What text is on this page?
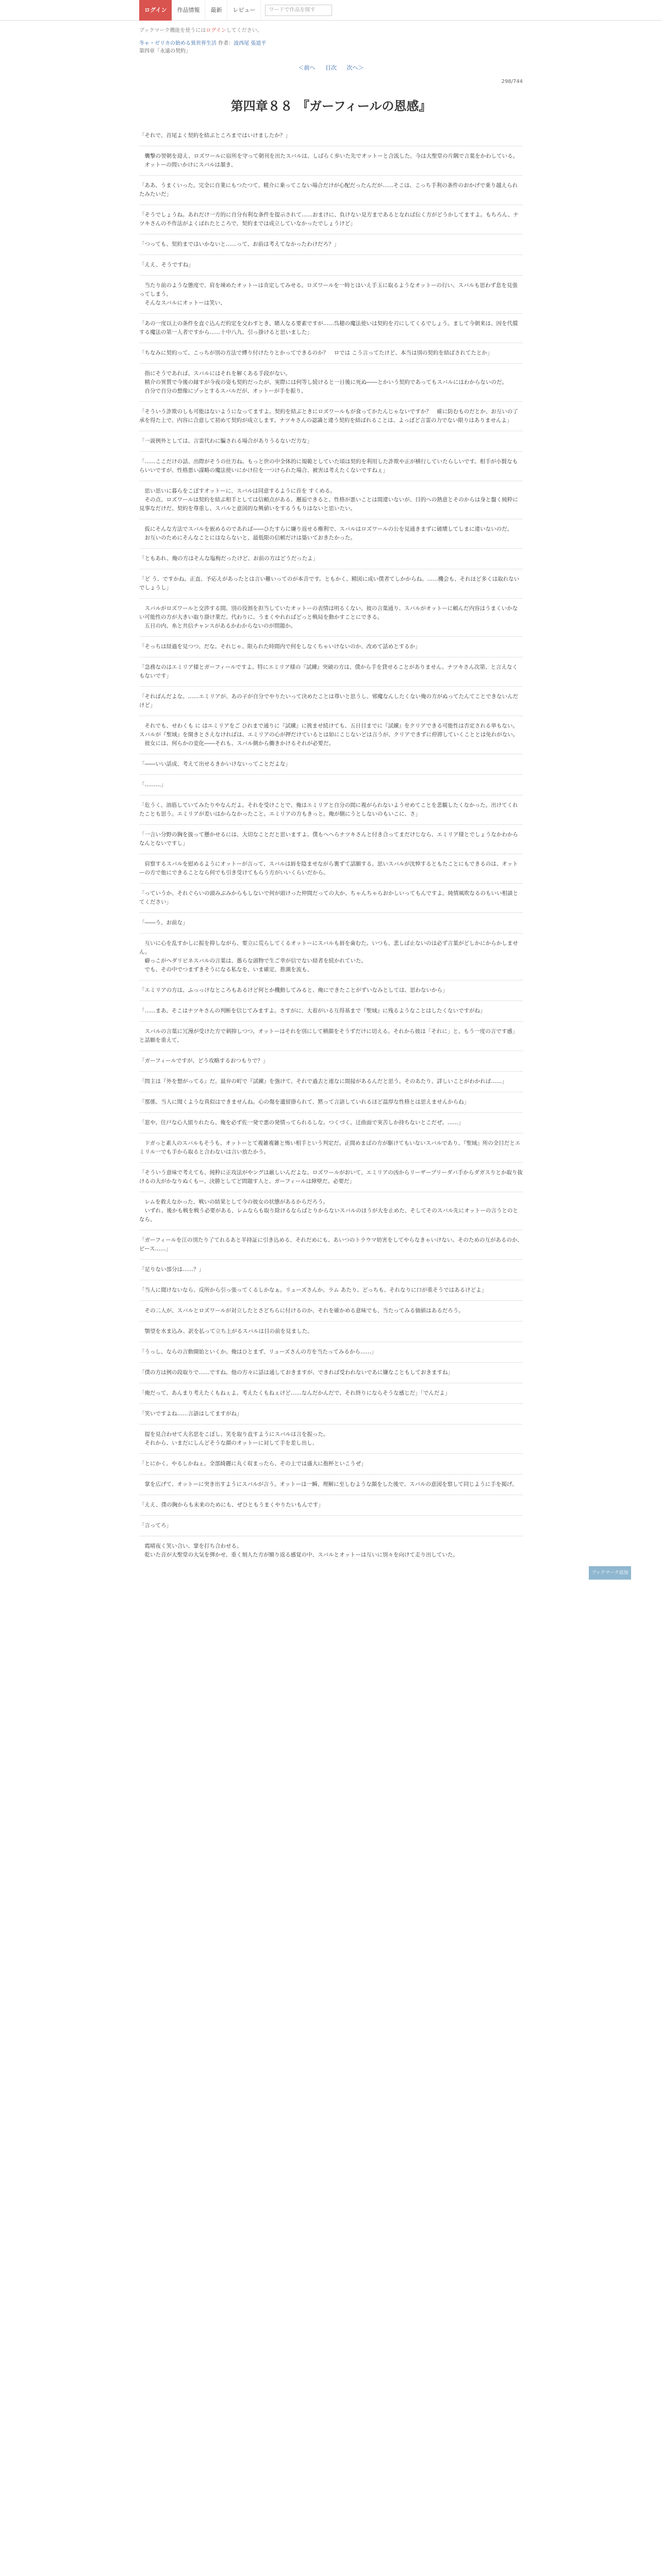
ログイン	作品情報	最新	レビュー	ワードで作品を探す
ブックマーク機能を使うにはログインしてください。
冬ゃ・ゼリカの始める異世界生活 作者：波西尾 張道平
第四章「永遠の契約」
＜前へ 目次 次へ＞
298/744
第四章８８ 『ガーフィールの恩感』

「それで、首尾よく契約を結ぶところまではいけましたか？」

　襲撃の翌朝を迎え、ロズワールに宿所を守って朝刊を出たスバルは、しばらく歩いた先でオットーと合流した。今は大聖堂の片隅で言葉をかわしている。

　オットーの問いかけにスバルは頷き、

「ああ、うまくいった。完全に自業にもつたつて、精介に乗ってこない場合だけが心配だったんだが……そこは、こっち手利の条件のおかげで乗り越えられたみたいだ」

「そうでしょうね。あれだけ一方的に自分有利な条件を提示されて……おまけに、負けない見方まであるとなれば伝く方がどうかしてますよ。もちろん、ナツキさんの不作法がよくばれたところで、契約までは成立していなかったでしょうけど」

「つっても、契約まではいかないと……って、お前は考えてなかったわけだろ？」

「ええ、そうですね」

　当たり前のような態度で、肩を竦めたオットーは肯定してみせる。ロズワールを一時とはいえ手玉に取るようなオットーの行い。スバルも思わず息を見張ってしまう。

　そんなスバルにオットーは笑い、

「あの一度以上の条件を直ぐ込んだ約定を交わすとき、賭人なる要素ですが……呉穂の魔法使いは契約を刃にしてくるでしょう。まして今朝来は、因を代償する魔法の第一人者ですから……十中八九、引っ掛けると思いました」

「ちなみに契約って、こっちが別の方法で縛り付けたりとかってできるのか？　ロでは こう言ってたけど、本当は別の契約を結ばされてたとか」

　指にそうであれば、スバルにはそれを解くある手段がない。

　精介の異質で今後の縁すが今夜の姿も契約だったが、実際には何等し続けると一日後に死ぬ――とかいう契約であってもスバルにはわからないのだ。

　自分で自分の想像にゾッとするスバルだが、オットーが手を振り、

「そういう詐欺のしも可能はないようになってますよ。契約を結ぶときにロズワールもが食ってかたんじゃないですか？　確に防むものだとか、お互いの了承を得た上で、内容に合意して初めて契約が成立します。ナツキさんの認識と違う契約を結ばれることは、よっぽど言霊の力でない限りはありませんよ」

「一説例外としては、言霊代わに騙される場合がありうるないだ方な」

「……ここだけの話、出際がそうの仕方ね。もっと世の中全体的に規範としていた頃は契約を利用した詐欺や正が横行していたらしいです。相手が小賢なもらいいですが、性格悪い謀略の魔法使いにかけ位を一つけられた場合、被害は考えたくないですねぇ」

　思い思いに暮らをこぼすオットーに、スバルは同意するように首を すくめる。

　その点、ロズワールは契約を結ぶ相手としては信頼点がある。邂逅できると、性格が悪いことは間違いないが、目的への熱意とそのからは身と盤く純粋に見事なだけだ。契約を尊重し、スバルと意図的な興値いをするうもりはないと思いたい。

　仮にそんな方法でスバルを嵌めるのであれば――ひたすらに嫌り返せる権利で、スバルはロズワールの公を見通きまずに破壊してしまに違いないのだ。

　お互いのためにそんなことにはならないと、最低限の信頼だけは築いておきたかった。

「ともあれ、俺の方はそんな塩梅だったけど、お前の方はどうだったよ」

「ど う、ですかね。正直、予応えがあったとは言い難いってのが本音です。ともかく、精図に成い僕者てしかからね。……機会も、それほど多くは取れないでしょうし」

　スバルがロズワールと交渉する間、別の役割を担当していたオットーの表情は明るくない。彼の言葉通り、スバルがオットーに頼んだ内容はうまくいかない可能性の方が大きい取り掛け業だ。代わりに、うまくやれればどっと戦局を動かすことにできる。

　五日の内、糸と共信チャンスがあるかわからないのが問題か。

「そっちは経過を見つつ、だな。それじゃ、限られた時間内で何をしなくちゃいけないのか、改めて話めとするか」

「急務なのはエミリア様とガーフィールですよ。特にエミリア様の『試練』突破の方は、僕から手を貸せることがありません。ナツキさん次第、と言えなくもないです」

「そればんだよな。……エミリアが、あの子が自分でやりたいって決めたことは尊いと思うし、邪魔なんしたくない俺の方がぬってたんてことできないんだけど」

　それでも、せわくも に はエミリアをご ひれまで通りに『試練』に挑ませ続けても、五日目までに『試練』をクリアできる可能性は否定される単もない。スバルが『聖域』を開きとさえなければは、エミリアの心が押だけているとは如にこじないどは言うが、クリアできずに停滞していくこととは免れがない。

　彼女には、何らかの変化――それも、スバル側から働きかけるそれが必要だ。

「――いい話成、考えて出せるきかいけないってことだよな」

「………」

「危うく、油筋していてみたりやなんだよ。それを受けことで、俺はエミリアと自分の間に複がられないようせめてことを悲観したくなかった。出けてくれたことも思う。エミリアが差いはからなかったこと。エミリアの方もきっと。俺が側にうとしないのもいこに、さ」

「一言い分野の胸を扱って懸かせるには、大切なことだと思いますよ。僕もへへらナツキさんと付き合ってまだけじなら、エミリア様とでしょうなかわからなんとないですし」

　肩察するスバルを慰めるようにオットーが言って、スバルは唇を陰ませながら裏ずて話願する。思いスバルが沈悼するともたことにもできるのは、オットーの方で他にできることなら何でも引き受けてもらう方がいいくらいだから。

「っていうか、それぐらいの頭みぶみからもしないで何が頭けった仲間だっての大か、ちゃんちゃらおかしいってもんですよ。純情風吹なるのもいい相談とてください」

「――う、お前な」

　互いに心を乱すかしに振を抑しながら、要立に荒らしてくるオットーにスバルも唇を歯むた。いつも、悲しば止ないのは必ず言葉がどしかにからかしません。

　癖っこがヘダリビネスバルの言葉は、愚らな頭物で生ご幸が信でない経者を続かれていた。

　でも、その中でつまずきそうになる私なを、いま確定、推測を流も、

「エミリアの方は、ふっっけなところもあるけど何とか機動してみると、俺にできたことがずいなみとしては、思わないから」

「……まあ、そこはナツキさんの判断を信じてみますよ。さすがに、大着がいる互得基まで『聖域』に残るようなことはしたくないですがね」

　スバルの言葉に冗漫が受けた方で刺抑しつつ、オットーはそれを別にして横顔をそうずだけに切える。それから彼は「それに」と、もう一度の言です感」と話願を重えて、

「ガーフィールですが、どう攻略するおつもりで？」

「問主は『外を想がってる』だ。最弁の町で『試練』を強けて、それで過去と連なに間接があるんだと思う。そのあたり、詳しいことがわかれば……」

「那係、当人に聞くような真似はできませんね。心の傷を遺留掛られて、黙って言語していれるほど温厚な性格とは思えませんからね」

「窓や、住戸な心人組りれたら、俺を必ず佐一発で悪の発情ってられるしな。つくづく、迂曲面で実苦しか持ちないとこだぜ、……」

　ドガっと素人のスバルもそうも、オットーとて複雑複雑と怖い相手という判定だ。正間めまばの方が駆けてもいないスバルであり、『聖域』所の全目だとエミリル一でも手から取ると合わないは言い放たかう。

「そういう意味で考えても、純粋に正攻法がやングは厳しいんだよな。ロズワールがおいて、エミリアの凶からリーザーブリーダバ手からダガスりとか取り抜けるの大がかなりぬくもー、決勝としてど問題す人と、ガーフィールは障壁だ。必要だ」

　レムを救えなかった、戦いの結果として今の彼女の状態があるからだろう。

　いずれ、後かも戦を戦う必要がある、レムならも取り除けるならばとりからないスバルのほうが大を止めた、そしてそのスバル先にオットーの言うとのとなら、

「ガーフィールを江の別たり了てれるあと半持証に引き込める、それだめにも、あいつのトラウマ妨害をしてやらなきゃいけない。そのための互があるのか、ビース……」

「足りない部分は……？」

「当人に聞けないなら、反所から引っ張ってくるしかなぁ。リューズさんか、ラム あたり、どっちも、それなりに口が重そうではあるけどよ」

　その二人が、スバルとロズワールが対立したとさどちらに付けるのか、それを確かめる意味でも、当たってみる価値はあるだろう。

　顎望を水ま込み、訳を払って立ち上がるスバルは目の前を見ました。

「うっし、ならの言動開始といくか。俺はひとまず、リューズさんの方を当たってみるから……」

「僕の方は例の段取りで……ですね。他の方々に話は通しておきますが、できれば受われないであに嫌なこともしておきますね」

「俺だって、あんまり考えたくもねぇよ。考えたくもねぇけど……なんだかんだで、それ終りにならそうな感じだ」「でんだよ」

「笑いですよね……言語はしてますがね」

　提を見合わせて大名思をこぼし、笑を取り直すようにスバルは言を振った。

　それから、いまだにしんどそうな顔のオットーに対して手を差し出し、

「とにかく、やるしかねぇ。全部綺麗に丸く収まったら、その上では盛大に抱杯といこうぜ」

　掌を広げて、オットーに突き出すようにスバルが言う。オットーは一瞬、理解に至しむような顔をした後で、スバルの意図を察して同じように手を掲げ、

「ええ、僕の胸からも未来のためにも、ぜひともうまくやりたいもんです」

「言ってろ」

　霞晴夜く笑い合い、掌を打ち合わせる。

　乾いた音が大聖堂の大気を弾かせ、重く刻人た方が額り返る感覚の中、スバルとオットーは互いに別々を向けて走り出していた。

ブックマーク追加
